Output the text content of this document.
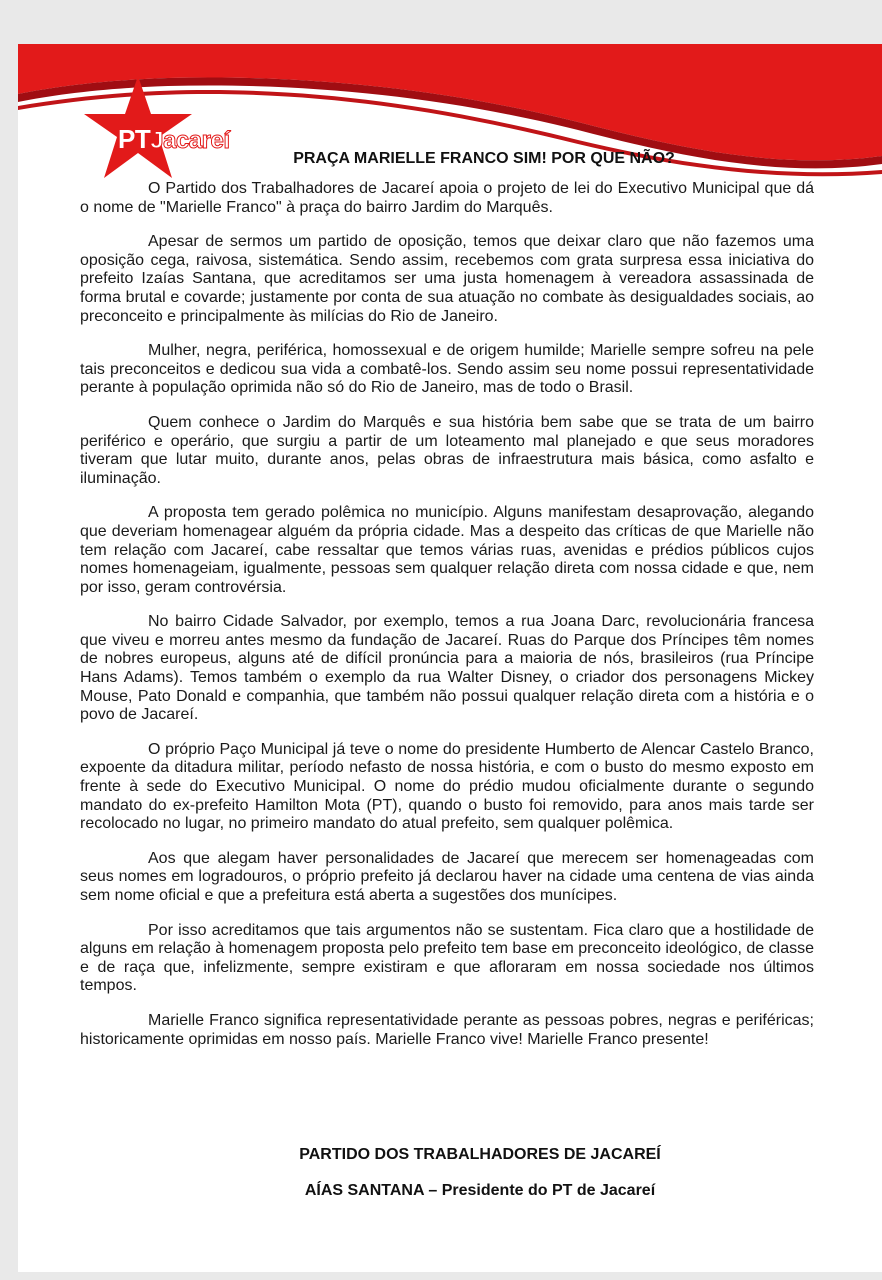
PTJacareí
PRAÇA MARIELLE FRANCO SIM! POR QUE NÃO?

O Partido dos Trabalhadores de Jacareí apoia o projeto de lei do Executivo Municipal que dá o nome de "Marielle Franco" à praça do bairro Jardim do Marquês.

Apesar de sermos um partido de oposição, temos que deixar claro que não fazemos uma oposição cega, raivosa, sistemática. Sendo assim, recebemos com grata surpresa essa iniciativa do prefeito Izaías Santana, que acreditamos ser uma justa homenagem à vereadora assassinada de forma brutal e covarde; justamente por conta de sua atuação no combate às desigualdades sociais, ao preconceito e principalmente às milícias do Rio de Janeiro.

Mulher, negra, periférica, homossexual e de origem humilde; Marielle sempre sofreu na pele tais preconceitos e dedicou sua vida a combatê-los. Sendo assim seu nome possui representatividade perante à população oprimida não só do Rio de Janeiro, mas de todo o Brasil.

Quem conhece o Jardim do Marquês e sua história bem sabe que se trata de um bairro periférico e operário, que surgiu a partir de um loteamento mal planejado e que seus moradores tiveram que lutar muito, durante anos, pelas obras de infraestrutura mais básica, como asfalto e iluminação.

A proposta tem gerado polêmica no município. Alguns manifestam desaprovação, alegando que deveriam homenagear alguém da própria cidade. Mas a despeito das críticas de que Marielle não tem relação com Jacareí, cabe ressaltar que temos várias ruas, avenidas e prédios públicos cujos nomes homenageiam, igualmente, pessoas sem qualquer relação direta com nossa cidade e que, nem por isso, geram controvérsia.

No bairro Cidade Salvador, por exemplo, temos a rua Joana Darc, revolucionária francesa que viveu e morreu antes mesmo da fundação de Jacareí. Ruas do Parque dos Príncipes têm nomes de nobres europeus, alguns até de difícil pronúncia para a maioria de nós, brasileiros (rua Príncipe Hans Adams). Temos também o exemplo da rua Walter Disney, o criador dos personagens Mickey Mouse, Pato Donald e companhia, que também não possui qualquer relação direta com a história e o povo de Jacareí.

O próprio Paço Municipal já teve o nome do presidente Humberto de Alencar Castelo Branco, expoente da ditadura militar, período nefasto de nossa história, e com o busto do mesmo exposto em frente à sede do Executivo Municipal. O nome do prédio mudou oficialmente durante o segundo mandato do ex-prefeito Hamilton Mota (PT), quando o busto foi removido, para anos mais tarde ser recolocado no lugar, no primeiro mandato do atual prefeito, sem qualquer polêmica.

Aos que alegam haver personalidades de Jacareí que merecem ser homenageadas com seus nomes em logradouros, o próprio prefeito já declarou haver na cidade uma centena de vias ainda sem nome oficial e que a prefeitura está aberta a sugestões dos munícipes.

Por isso acreditamos que tais argumentos não se sustentam. Fica claro que a hostilidade de alguns em relação à homenagem proposta pelo prefeito tem base em preconceito ideológico, de classe e de raça que, infelizmente, sempre existiram e que afloraram em nossa sociedade nos últimos tempos.

Marielle Franco significa representatividade perante as pessoas pobres, negras e periféricas; historicamente oprimidas em nosso país. Marielle Franco vive! Marielle Franco presente!

PARTIDO DOS TRABALHADORES DE JACAREÍ
AÍAS SANTANA – Presidente do PT de Jacareí
